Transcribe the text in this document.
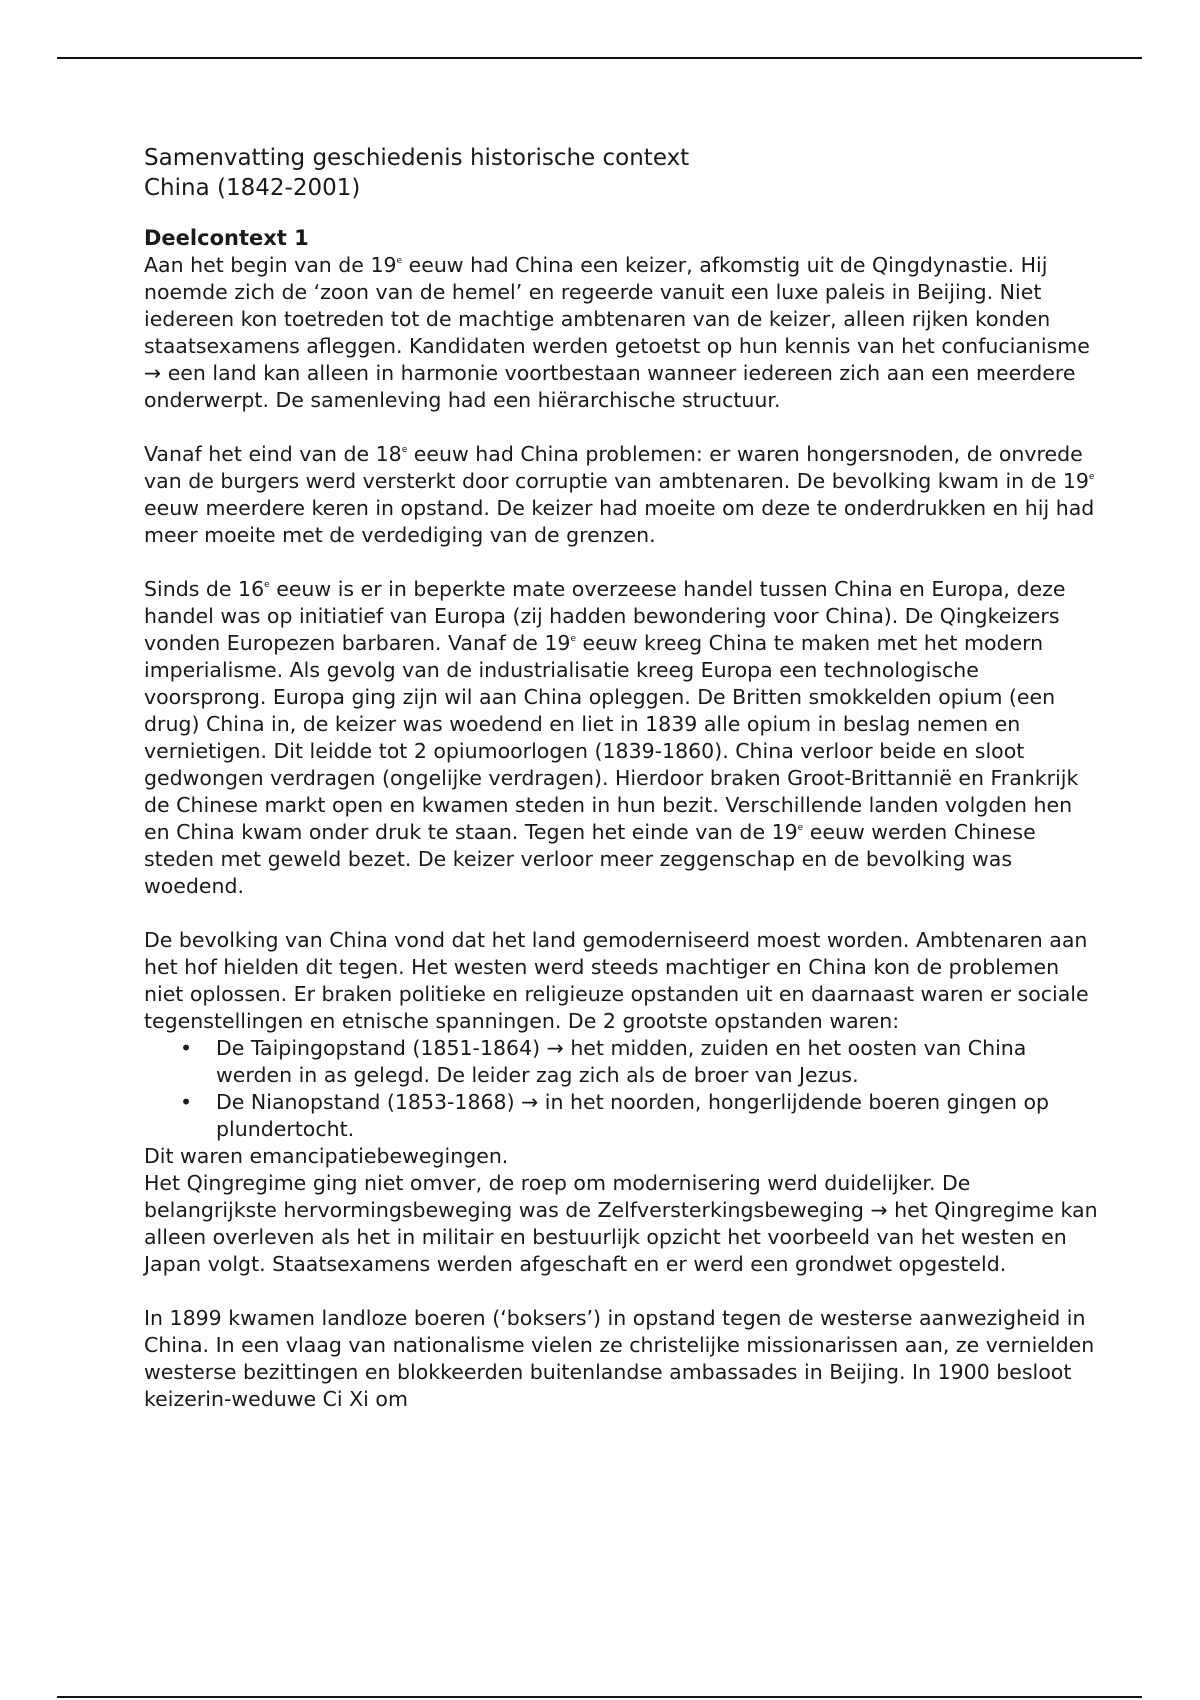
Samenvatting geschiedenis historische context
China (1842-2001)
Deelcontext 1

Aan het begin van de 19e eeuw had China een keizer, afkomstig uit de Qingdynastie. Hij noemde zich de ‘zoon van de hemel’ en regeerde vanuit een luxe paleis in Beijing. Niet iedereen kon toetreden tot de machtige ambtenaren van de keizer, alleen rijken konden staatsexamens afleggen. Kandidaten werden getoetst op hun kennis van het confucianisme → een land kan alleen in harmonie voortbestaan wanneer iedereen zich aan een meerdere onderwerpt. De samenleving had een hiërarchische structuur.

Vanaf het eind van de 18e eeuw had China problemen: er waren hongersnoden, de onvrede van de burgers werd versterkt door corruptie van ambtenaren. De bevolking kwam in de 19e eeuw meerdere keren in opstand. De keizer had moeite om deze te onderdrukken en hij had meer moeite met de verdediging van de grenzen.

Sinds de 16e eeuw is er in beperkte mate overzeese handel tussen China en Europa, deze handel was op initiatief van Europa (zij hadden bewondering voor China). De Qingkeizers vonden Europezen barbaren. Vanaf de 19e eeuw kreeg China te maken met het modern imperialisme. Als gevolg van de industrialisatie kreeg Europa een technologische voorsprong. Europa ging zijn wil aan China opleggen. De Britten smokkelden opium (een drug) China in, de keizer was woedend en liet in 1839 alle opium in beslag nemen en vernietigen. Dit leidde tot 2 opiumoorlogen (1839-1860). China verloor beide en sloot gedwongen verdragen (ongelijke verdragen). Hierdoor braken Groot-Brittannië en Frankrijk de Chinese markt open en kwamen steden in hun bezit. Verschillende landen volgden hen en China kwam onder druk te staan. Tegen het einde van de 19e eeuw werden Chinese steden met geweld bezet. De keizer verloor meer zeggenschap en de bevolking was woedend.

De bevolking van China vond dat het land gemoderniseerd moest worden. Ambtenaren aan het hof hielden dit tegen. Het westen werd steeds machtiger en China kon de problemen niet oplossen. Er braken politieke en religieuze opstanden uit en daarnaast waren er sociale tegenstellingen en etnische spanningen. De 2 grootste opstanden waren:

• De Taipingopstand (1851-1864) → het midden, zuiden en het oosten van China werden in as gelegd. De leider zag zich als de broer van Jezus.
• De Nianopstand (1853-1868) → in het noorden, hongerlijdende boeren gingen op plundertocht.

Dit waren emancipatiebewegingen.

Het Qingregime ging niet omver, de roep om modernisering werd duidelijker. De belangrijkste hervormingsbeweging was de Zelfversterkingsbeweging → het Qingregime kan alleen overleven als het in militair en bestuurlijk opzicht het voorbeeld van het westen en Japan volgt. Staatsexamens werden afgeschaft en er werd een grondwet opgesteld.

In 1899 kwamen landloze boeren (‘boksers’) in opstand tegen de westerse aanwezigheid in China. In een vlaag van nationalisme vielen ze christelijke missionarissen aan, ze vernielden westerse bezittingen en blokkeerden buitenlandse ambassades in Beijing. In 1900 besloot keizerin-weduwe Ci Xi om
